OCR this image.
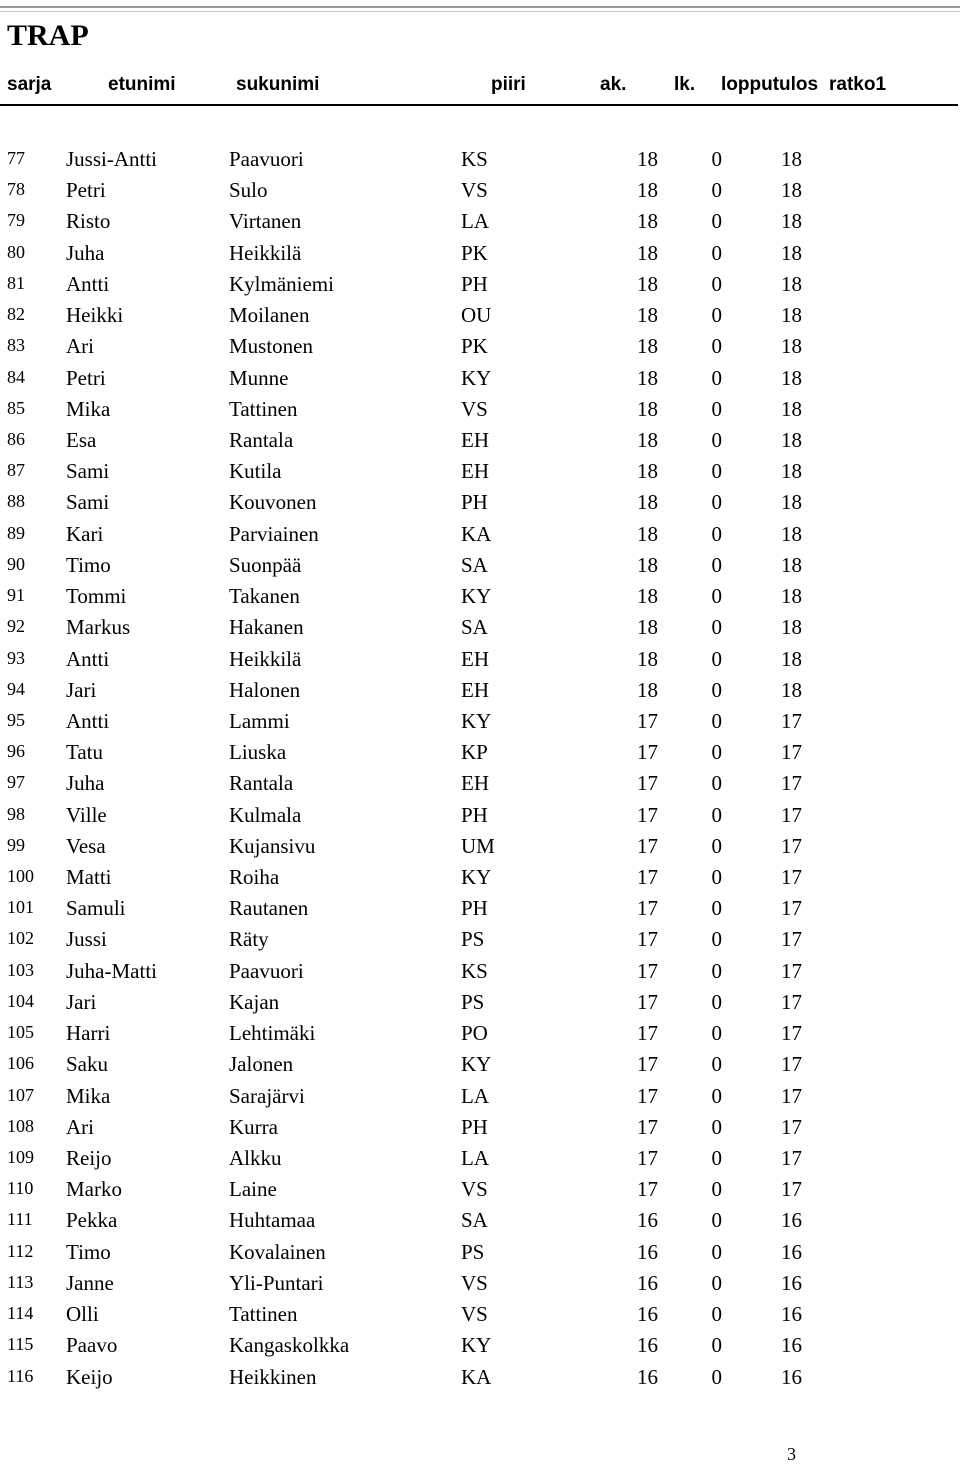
TRAP
sarja	etunimi	sukunimi	piiri	ak.	lk. lopputulos ratko1
77 Jussi-Antti	Paavuori	KS	18	0	18
78 Petri	Sulo	VS	18	0	18
79 Risto	Virtanen	LA	18	0	18
80 Juha	Heikkilä	PK	18	0	18
81 Antti	Kylmäniemi	PH	18	0	18
82 Heikki	Moilanen	OU	18	0	18
83 Ari	Mustonen	PK	18	0	18
84 Petri	Munne	KY	18	0	18
85 Mika	Tattinen	VS	18	0	18
86 Esa	Rantala	EH	18	0	18
87 Sami	Kutila	EH	18	0	18
88 Sami	Kouvonen	PH	18	0	18
89 Kari	Parviainen	KA	18	0	18
90 Timo	Suonpää	SA	18	0	18
91 Tommi	Takanen	KY	18	0	18
92 Markus	Hakanen	SA	18	0	18
93 Antti	Heikkilä	EH	18	0	18
94 Jari	Halonen	EH	18	0	18
95 Antti	Lammi	KY	17	0	17
96 Tatu	Liuska	KP	17	0	17
97 Juha	Rantala	EH	17	0	17
98 Ville	Kulmala	PH	17	0	17
99 Vesa	Kujansivu	UM	17	0	17
100 Matti	Roiha	KY	17	0	17
101 Samuli	Rautanen	PH	17	0	17
102 Jussi	Räty	PS	17	0	17
103 Juha-Matti	Paavuori	KS	17	0	17
104 Jari	Kajan	PS	17	0	17
105 Harri	Lehtimäki	PO	17	0	17
106 Saku	Jalonen	KY	17	0	17
107 Mika	Sarajärvi	LA	17	0	17
108 Ari	Kurra	PH	17	0	17
109 Reijo	Alkku	LA	17	0	17
110 Marko	Laine	VS	17	0	17
111 Pekka	Huhtamaa	SA	16	0	16
112 Timo	Kovalainen	PS	16	0	16
113 Janne	Yli-Puntari	VS	16	0	16
114 Olli	Tattinen	VS	16	0	16
115 Paavo	Kangaskolkka	KY	16	0	16
116 Keijo	Heikkinen	KA	16	0	16
3
